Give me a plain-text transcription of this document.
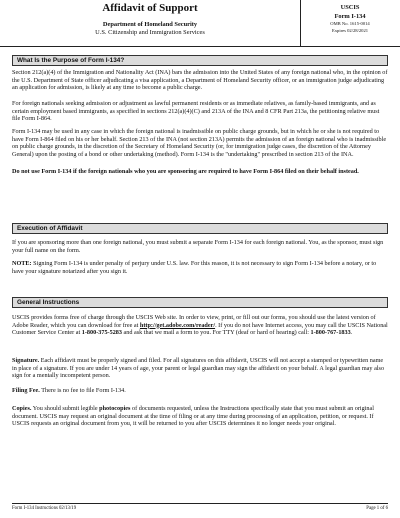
Affidavit of Support
Department of Homeland Security
U.S. Citizenship and Immigration Services
USCIS
Form I-134
OMB No. 1615-0014
Expires 02/28/2021
What Is the Purpose of Form I-134?

Section 212(a)(4) of the Immigration and Nationality Act (INA) bars the admission into the United States of any foreign national who, in the opinion of the U.S. Department of State officer adjudicating a visa application, a Department of Homeland Security officer, or an immigration judge adjudicating an application for admission, is likely at any time to become a public charge.

For foreign nationals seeking admission or adjustment as lawful permanent residents or as immediate relatives, as family-based immigrants, and as certain employment based immigrants, as specified in sections 212(a)(4)(C) and 213A of the INA and 8 CFR Part 213a, the petitioning relative must file Form I-864.

Form I-134 may be used in any case in which the foreign national is inadmissible on public charge grounds, but in which he or she is not required to have Form I-864 filed on his or her behalf. Section 213 of the INA (not section 213A) permits the admission of an foreign national who is inadmissible on public charge grounds, in the discretion of the Secretary of Homeland Security (or, for immigration judge cases, the discretion of the Attorney General) upon the posting of a bond or other undertaking (method). Form I-134 is the "undertaking" prescribed in section 213 of the INA.

Do not use Form I-134 if the foreign nationals who you are sponsoring are required to have Form I-864 filed on their behalf instead.

Execution of Affidavit

If you are sponsoring more than one foreign national, you must submit a separate Form I-134 for each foreign national. You, as the sponsor, must sign your full name on the form.

NOTE: Signing Form I-134 is under penalty of perjury under U.S. law. For this reason, it is not necessary to sign Form I-134 before a notary, or to have your signature notarized after you sign it.

General Instructions

USCIS provides forms free of charge through the USCIS Web site. In order to view, print, or fill out our forms, you should use the latest version of Adobe Reader, which you can download for free at http://get.adobe.com/reader/. If you do not have Internet access, you may call the USCIS National Customer Service Center at 1-800-375-5283 and ask that we mail a form to you. For TTY (deaf or hard of hearing) call: 1-800-767-1833.

Signature. Each affidavit must be properly signed and filed. For all signatures on this affidavit, USCIS will not accept a stamped or typewritten name in place of a signature. If you are under 14 years of age, your parent or legal guardian may sign the affidavit on your behalf. A legal guardian may also sign for a mentally incompetent person.

Filing Fee. There is no fee to file Form I-134.

Copies. You should submit legible photocopies of documents requested, unless the Instructions specifically state that you must submit an original document. USCIS may request an original document at the time of filing or at any time during processing of an application, petition, or request. If USCIS requests an original document from you, it will be returned to you after USCIS determines it no longer needs your original.

Form I-134 Instructions 02/13/19	Page 1 of 6
